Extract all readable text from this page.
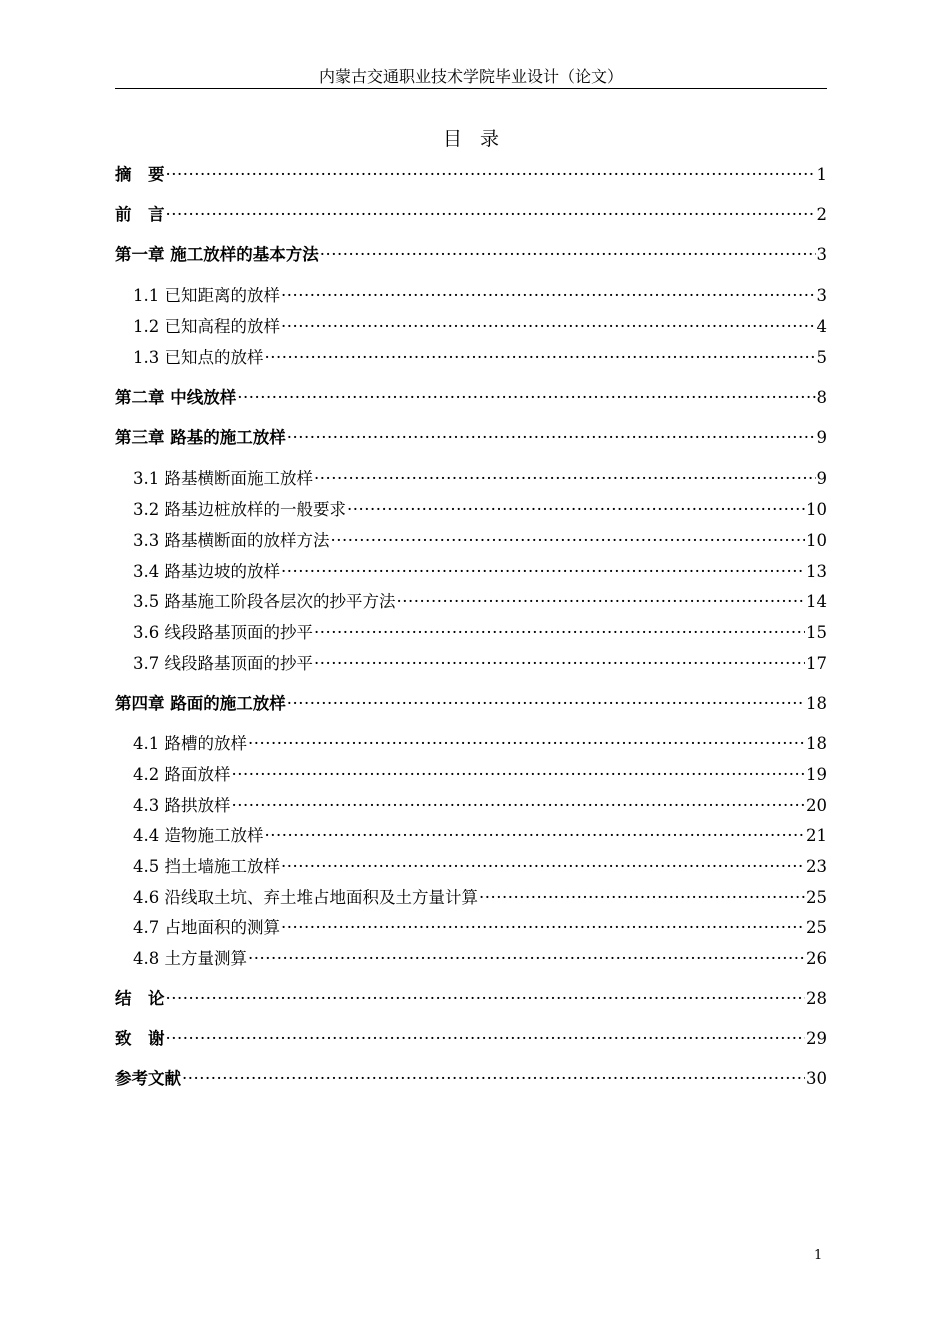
内蒙古交通职业技术学院毕业设计（论文）
目录
摘　要 ·····	1
前　言 ·····	2
第一章 施工放样的基本方法 ·····	3
1.1 已知距离的放样 ·····	3
1.2 已知高程的放样 ·····	4
1.3 已知点的放样 ·····	5
第二章 中线放样 ·····	8
第三章 路基的施工放样 ·····	9
3.1 路基横断面施工放样 ·····	9
3.2 路基边桩放样的一般要求 ·····	10
3.3 路基横断面的放样方法 ·····	10
3.4 路基边坡的放样 ·····	13
3.5 路基施工阶段各层次的抄平方法 ·····	14
3.6 线段路基顶面的抄平 ·····	15
3.7 线段路基顶面的抄平 ·····	17
第四章 路面的施工放样 ·····	18
4.1 路槽的放样 ·····	18
4.2 路面放样 ·····	19
4.3 路拱放样 ·····	20
4.4 造物施工放样 ·····	21
4.5 挡土墙施工放样 ·····	23
4.6 沿线取土坑、弃土堆占地面积及土方量计算 ·····	25
4.7 占地面积的测算 ·····	25
4.8 土方量测算 ·····	26
结　论 ·····	28
致　谢 ·····	29
参考文献 ·····	30
1
